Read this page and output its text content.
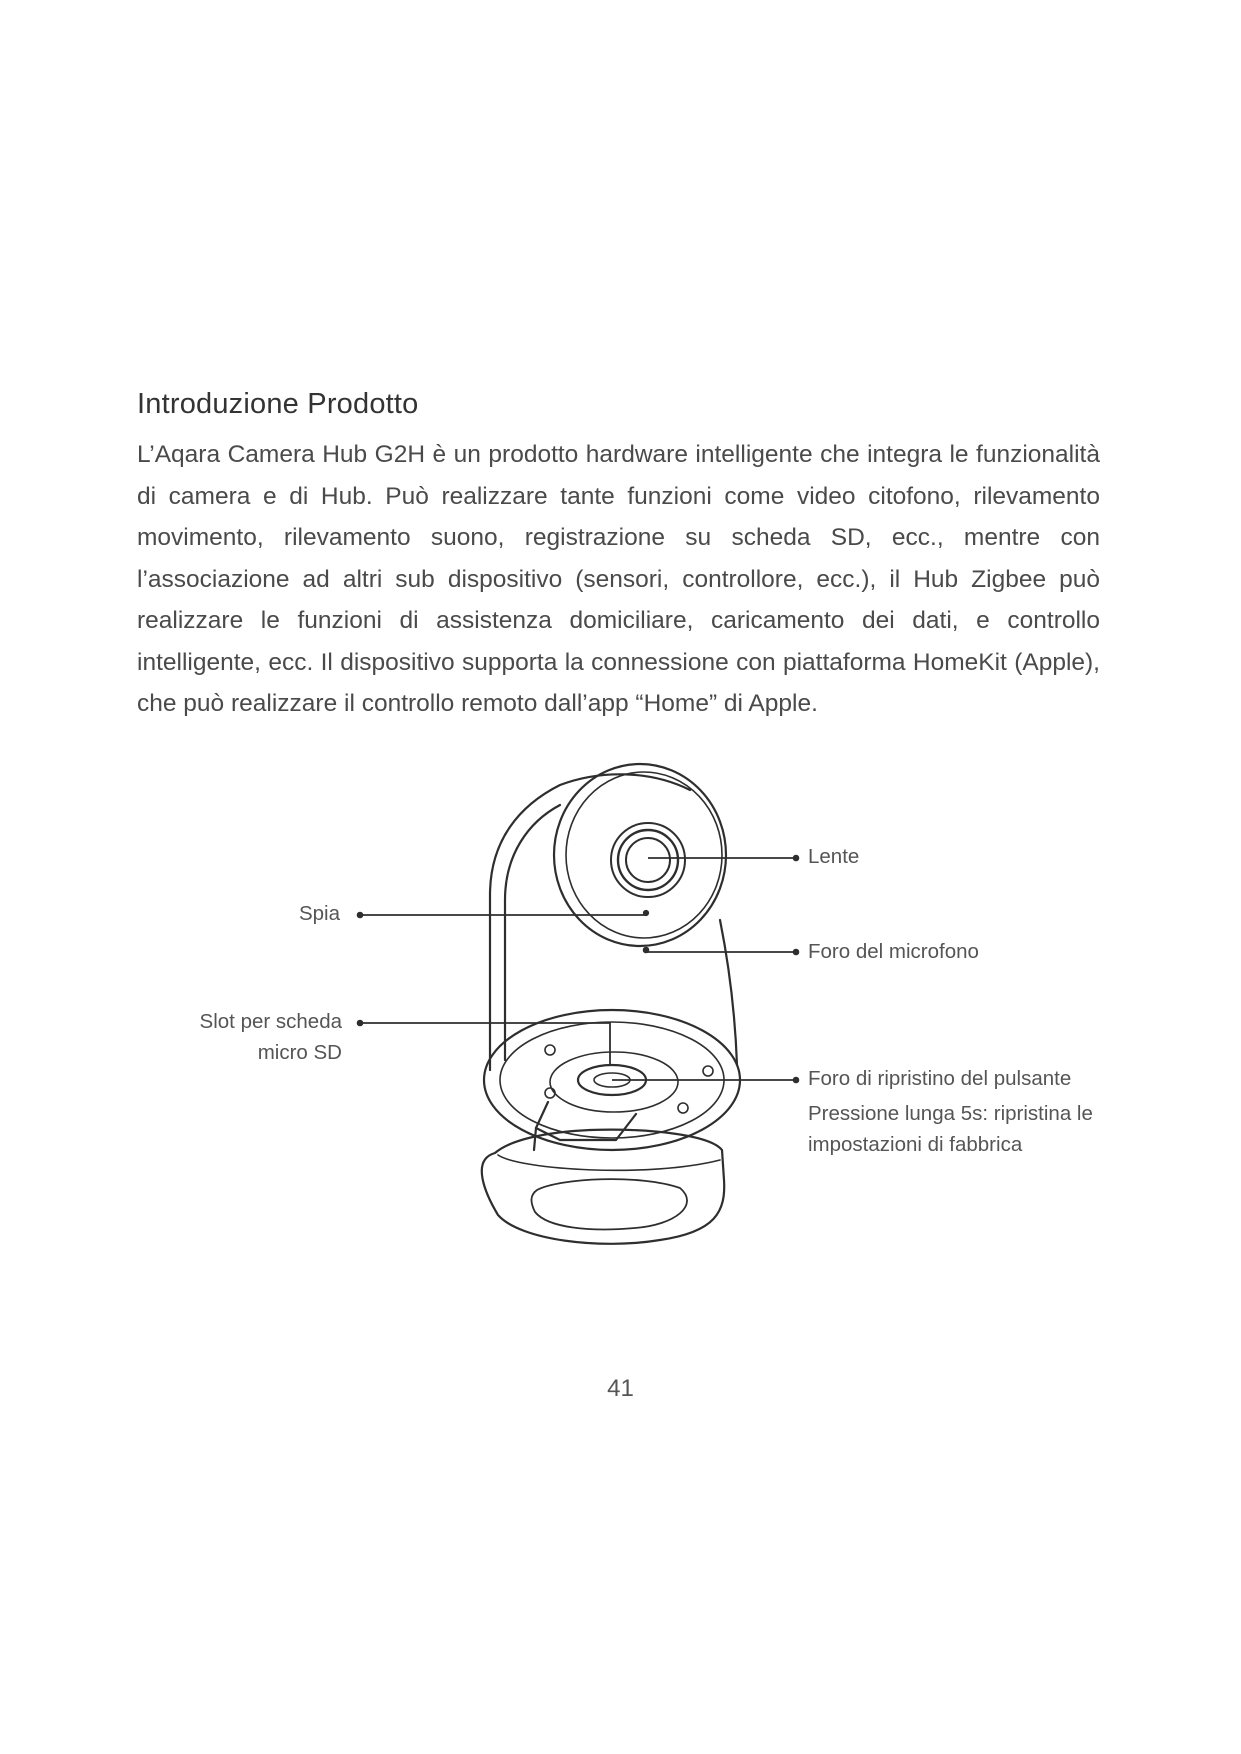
Introduzione Prodotto

L’Aqara Camera Hub G2H è un prodotto hardware intelligente che integra le funzionalità di camera e di Hub. Può realizzare tante funzioni come video citofono, rilevamento movimento, rilevamento suono, registrazione su scheda SD, ecc., mentre con l’associazione ad altri sub dispositivo (sensori, controllore, ecc.), il Hub Zigbee può realizzare le funzioni di assistenza domiciliare, caricamento dei dati, e controllo intelligente, ecc. Il dispositivo supporta la connessione con piattaforma HomeKit (Apple), che può realizzare il controllo remoto dall’app “Home” di Apple.

Lente
Spia
Foro del microfono
Slot per scheda
micro SD
Foro di ripristino del pulsante
Pressione lunga 5s: ripristina le
impostazioni di fabbrica
41
